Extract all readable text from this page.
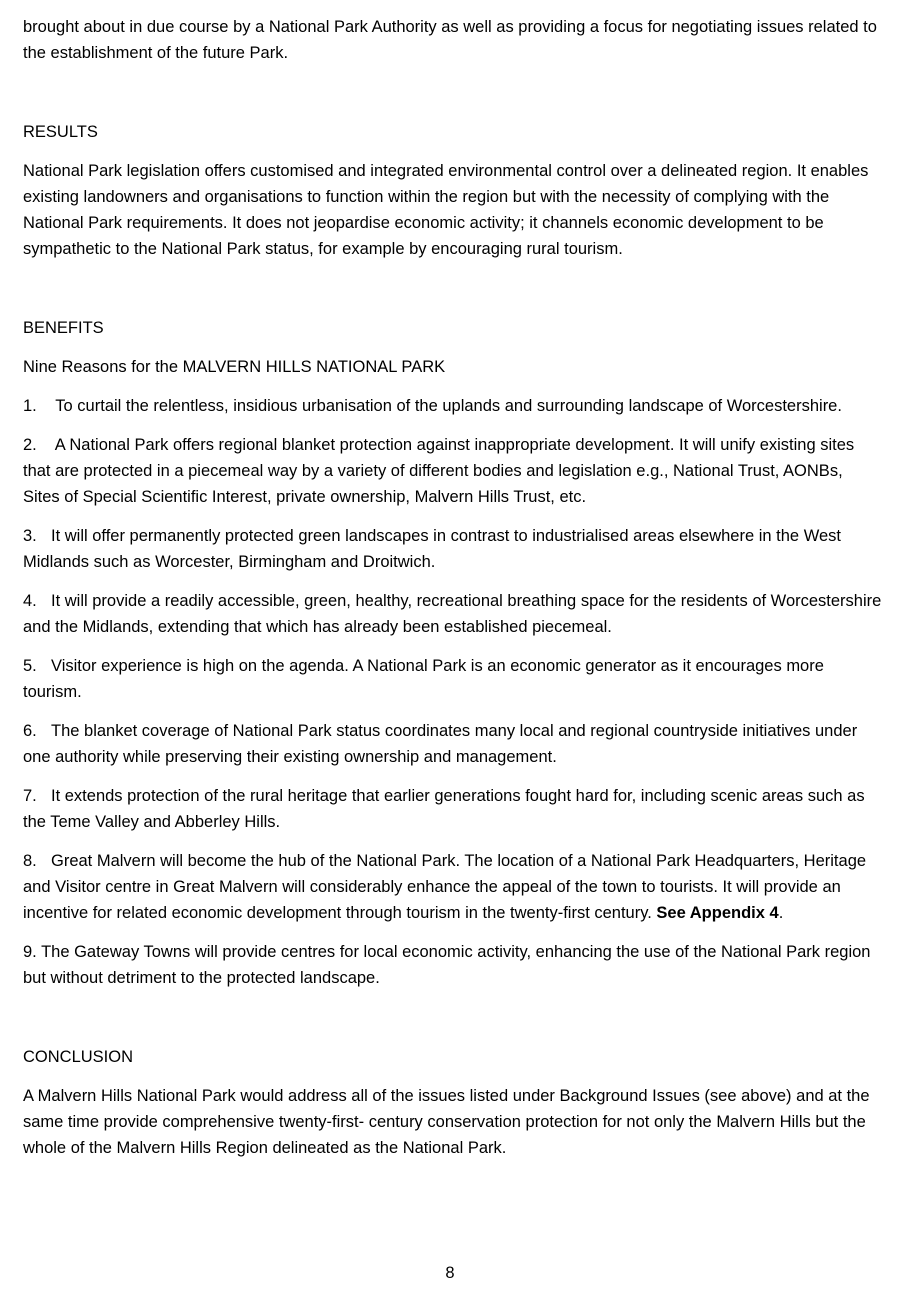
brought about in due course by a National Park Authority as well as providing a focus for negotiating issues related to the establishment of the future Park.

RESULTS

National Park legislation offers customised and integrated environmental control over a delineated region. It enables existing landowners and organisations to function within the region but with the necessity of complying with the National Park requirements. It does not jeopardise economic activity; it channels economic development to be sympathetic to the National Park status, for example by encouraging rural tourism.

BENEFITS

Nine Reasons for the MALVERN HILLS NATIONAL PARK

1. To curtail the relentless, insidious urbanisation of the uplands and surrounding landscape of Worcestershire.

2. A National Park offers regional blanket protection against inappropriate development. It will unify existing sites that are protected in a piecemeal way by a variety of different bodies and legislation e.g., National Trust, AONBs, Sites of Special Scientific Interest, private ownership, Malvern Hills Trust, etc.

3. It will offer permanently protected green landscapes in contrast to industrialised areas elsewhere in the West Midlands such as Worcester, Birmingham and Droitwich.

4. It will provide a readily accessible, green, healthy, recreational breathing space for the residents of Worcestershire and the Midlands, extending that which has already been established piecemeal.

5. Visitor experience is high on the agenda. A National Park is an economic generator as it encourages more tourism.

6. The blanket coverage of National Park status coordinates many local and regional countryside initiatives under one authority while preserving their existing ownership and management.

7. It extends protection of the rural heritage that earlier generations fought hard for, including scenic areas such as the Teme Valley and Abberley Hills.

8. Great Malvern will become the hub of the National Park. The location of a National Park Headquarters, Heritage and Visitor centre in Great Malvern will considerably enhance the appeal of the town to tourists. It will provide an incentive for related economic development through tourism in the twenty-first century. See Appendix 4.

9. The Gateway Towns will provide centres for local economic activity, enhancing the use of the National Park region but without detriment to the protected landscape.

CONCLUSION

A Malvern Hills National Park would address all of the issues listed under Background Issues (see above) and at the same time provide comprehensive twenty-first- century conservation protection for not only the Malvern Hills but the whole of the Malvern Hills Region delineated as the National Park.

8
